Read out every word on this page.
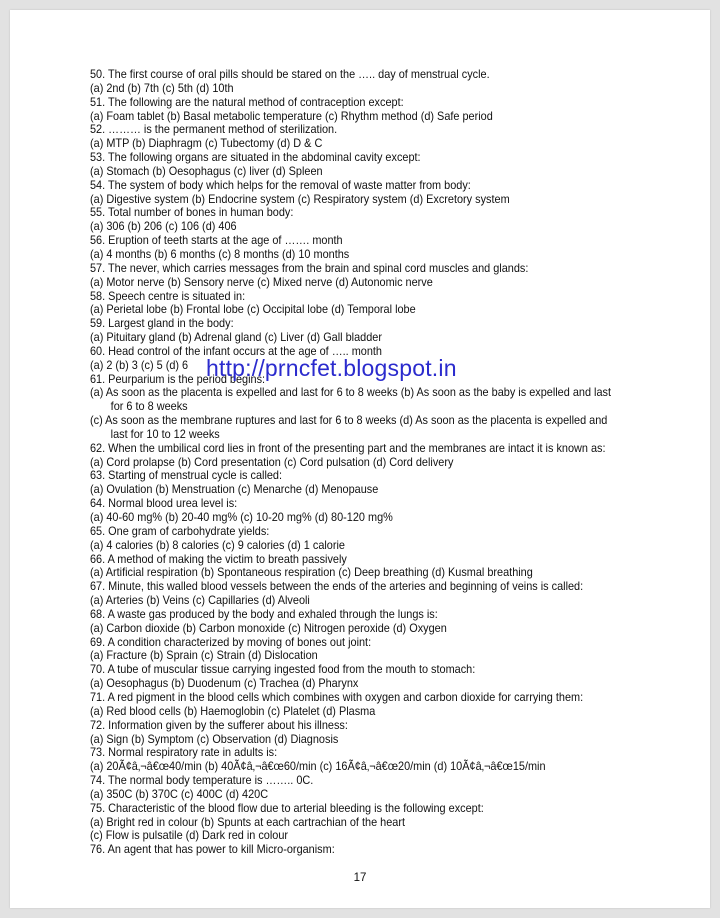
50. The first course of oral pills should be stared on the ….. day of menstrual cycle.
(a) 2nd (b) 7th (c) 5th (d) 10th
51. The following are the natural method of contraception except:
(a) Foam tablet (b) Basal metabolic temperature (c) Rhythm method (d) Safe period
52. ……… is the permanent method of sterilization.
(a) MTP (b) Diaphragm (c) Tubectomy (d) D & C
53. The following organs are situated in the abdominal cavity except:
(a) Stomach (b) Oesophagus (c) liver (d) Spleen
54. The system of body which helps for the removal of waste matter from body:
(a) Digestive system (b) Endocrine system (c) Respiratory system (d) Excretory system
55. Total number of bones in human body:
(a) 306 (b) 206 (c) 106 (d) 406
56. Eruption of teeth starts at the age of ……. month
(a) 4 months (b) 6 months (c) 8 months (d) 10 months
57. The never, which carries messages from the brain and spinal cord muscles and glands:
(a) Motor nerve (b) Sensory nerve (c) Mixed nerve (d) Autonomic nerve
58. Speech centre is situated in:
(a) Perietal lobe (b) Frontal lobe (c) Occipital lobe (d) Temporal lobe
59. Largest gland in the body:
(a) Pituitary gland (b) Adrenal gland (c) Liver (d) Gall bladder
60. Head control of the infant occurs at the age of ….. month
(a) 2 (b) 3 (c) 5 (d) 6
61. Peurparium is the period begins:
(a) As soon as the placenta is expelled and last for 6 to 8 weeks (b) As soon as the baby is expelled and last
for 6 to 8 weeks
(c) As soon as the membrane ruptures and last for 6 to 8 weeks (d) As soon as the placenta is expelled and
last for 10 to 12 weeks
62. When the umbilical cord lies in front of the presenting part and the membranes are intact it is known as:
(a) Cord prolapse (b) Cord presentation (c) Cord pulsation (d) Cord delivery
63. Starting of menstrual cycle is called:
(a) Ovulation (b) Menstruation (c) Menarche (d) Menopause
64. Normal blood urea level is:
(a) 40-60 mg% (b) 20-40 mg% (c) 10-20 mg% (d) 80-120 mg%
65. One gram of carbohydrate yields:
(a) 4 calories (b) 8 calories (c) 9 calories (d) 1 calorie
66. A method of making the victim to breath passively
(a) Artificial respiration (b) Spontaneous respiration (c) Deep breathing (d) Kusmal breathing
67. Minute, this walled blood vessels between the ends of the arteries and beginning of veins is called:
(a) Arteries (b) Veins (c) Capillaries (d) Alveoli
68. A waste gas produced by the body and exhaled through the lungs is:
(a) Carbon dioxide (b) Carbon monoxide (c) Nitrogen peroxide (d) Oxygen
69. A condition characterized by moving of bones out joint:
(a) Fracture (b) Sprain (c) Strain (d) Dislocation
70. A tube of muscular tissue carrying ingested food from the mouth to stomach:
(a) Oesophagus (b) Duodenum (c) Trachea (d) Pharynx
71. A red pigment in the blood cells which combines with oxygen and carbon dioxide for carrying them:
(a) Red blood cells (b) Haemoglobin (c) Platelet (d) Plasma
72. Information given by the sufferer about his illness:
(a) Sign (b) Symptom (c) Observation (d) Diagnosis
73. Normal respiratory rate in adults is:
(a) 20Ã¢â‚¬â€œ40/min (b) 40Ã¢â‚¬â€œ60/min (c) 16Ã¢â‚¬â€œ20/min (d) 10Ã¢â‚¬â€œ15/min
74. The normal body temperature is …….. 0C.
(a) 350C (b) 370C (c) 400C (d) 420C
75. Characteristic of the blood flow due to arterial bleeding is the following except:
(a) Bright red in colour (b) Spunts at each cartrachian of the heart
(c) Flow is pulsatile (d) Dark red in colour
76. An agent that has power to kill Micro-organism:
http://prncfet.blogspot.in
17
